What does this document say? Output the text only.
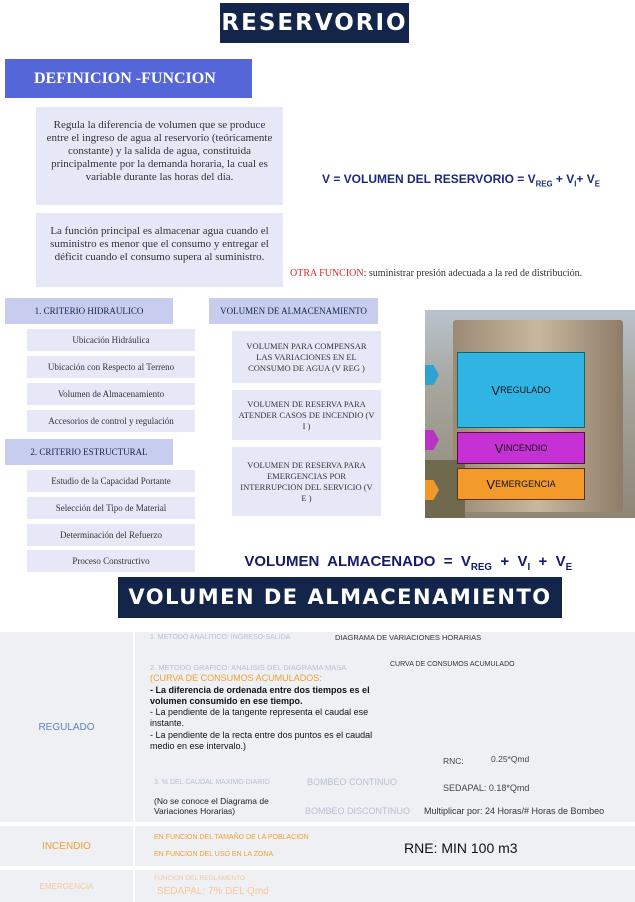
RESERVORIO
DEFINICION -FUNCION
Regula la diferencia de volumen que se produce entre el ingreso de agua al reservorio (teóricamente constante) y la salida de agua, constituida principalmente por la demanda horaria, la cual es variable durante las horas del día.
La función principal es almacenar agua cuando el suministro es menor que el consumo y entregar el déficit cuando el consumo supera al suministro.
V = VOLUMEN DEL RESERVORIO = $V_{REG} + V_I+ V_E$
OTRA FUNCION: suministrar presión adecuada a la red de distribución.
1. CRITERIO HIDRAULICO
Ubicación Hidráulica
Ubicación con Respecto al Terreno
Volumen de Almacenamiento
Accesorios de control y regulación
2. CRITERIO ESTRUCTURAL
Estudio de la Capacidad Portante
Selección del Tipo de Material
Determinación del Refuerzo
Proceso Constructivo
VOLUMEN DE ALMACENAMIENTO
VOLUMEN PARA COMPENSAR LAS VARIACIONES EN EL CONSUMO DE AGUA (V REG )
VOLUMEN DE RESERVA PARA ATENDER CASOS DE INCENDIO (V I )
VOLUMEN DE RESERVA PARA EMERGENCIAS POR INTERRUPCION DEL SERVICIO (V E )
V REGULADO
V INCENDIO
V EMERGENCIA

VOLUMEN  ALMACENADO  =  $V_{REG} + V_I + V_E$

VOLUMEN DE ALMACENAMIENTO
REGULADO
1. METODO ANALITICO: INGRESO-SALIDA	DIAGRAMA DE VARIACIONES HORARIAS
2. METODO GRAFICO: ANALISIS DEL DIAGRAMA MASA	CURVA DE CONSUMOS ACUMULADO
(CURVA DE CONSUMOS ACUMULADOS:
- La diferencia de ordenada entre dos tiempos es el volumen consumido en ese tiempo.
- La pendiente de la tangente representa el caudal ese instante.
- La pendiente de la recta entre dos puntos es el caudal medio en ese intervalo.)
RNC:	0.25*Qmd
3. % DEL CAUDAL MAXIMO DIARIO	BOMBEO CONTINUO
SEDAPAL: 0.18*Qmd
(No se conoce el Diagrama de Variaciones Horarias)	BOMBEO DISCONTINUO Multiplicar por: 24 Horas/# Horas de Bombeo
INCENDIO
EN FUNCION DEL TAMAÑO DE LA POBLACION
EN FUNCION DEL USO EN LA ZONA	RNE: MIN 100 m3
EMERGENCIA
FUNCION DEL REGLAMENTO
SEDAPAL: 7% DEL Qmd
